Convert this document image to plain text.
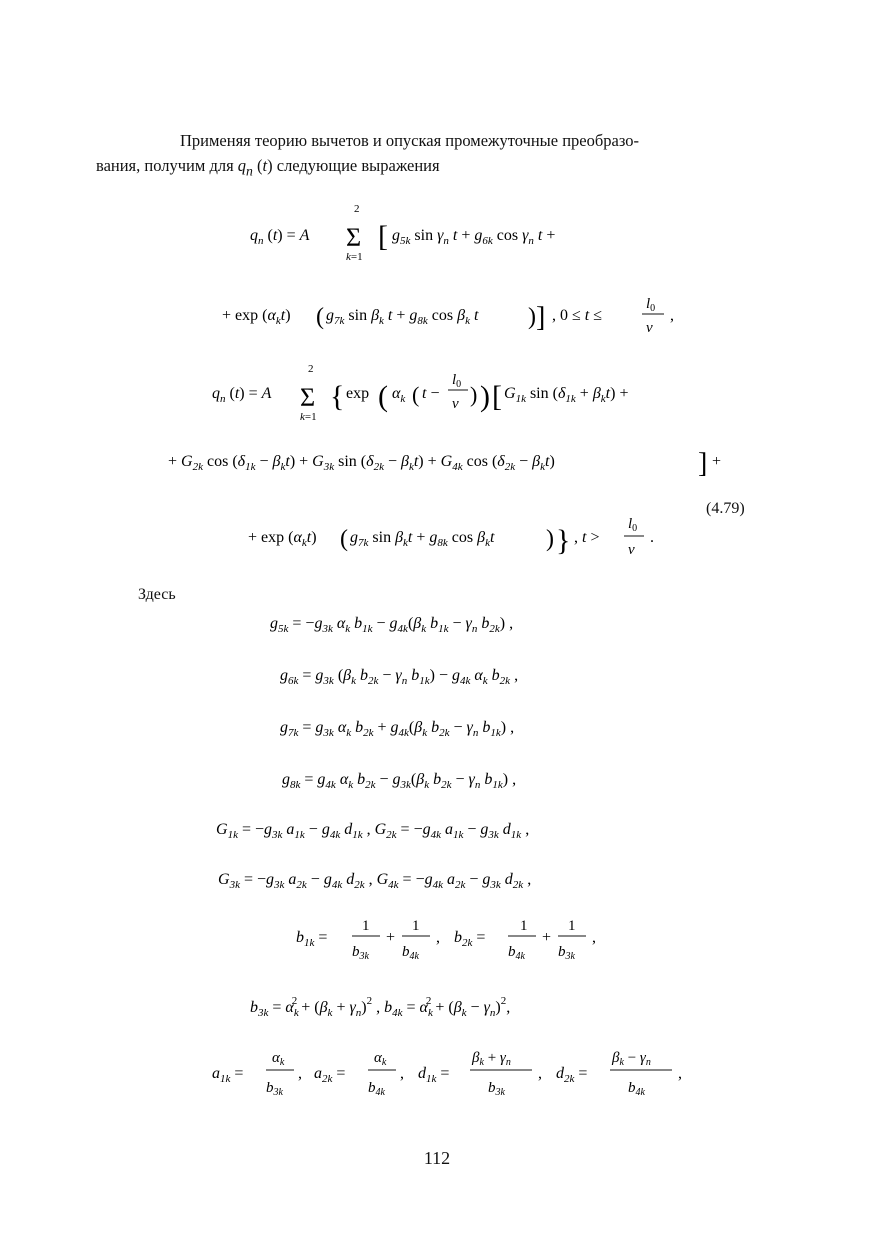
Применяя теорию вычетов и опуская промежуточные преобразо-
вания, получим для $q_n$ (t) следующие выражения
$q_n$ (t) = A
2
Σ
k=1
[ $g_{5k}$ $\sin \gamma_n$ $t + g_{6k}$ $\cos \gamma_n$ t +
+ $\exp (\alpha_kt)$ ( $g_{7k}$ $\sin \beta_k$ $t + g_{8k}$ $\cos \beta_k$ t ) ] , 0 ≤ t ≤
$l_0$
ν
,
$q_n$ (t) = A
2
Σ
k=1
{ exp ( $\alpha_k$ ( t −
$l_0$
ν ) ) [ $G_{1k}$ $\sin (\delta_{1k} + \beta_kt)$ +
+ $G_{2k}$ $\cos (\delta_{1k} - \beta_kt) + G_{3k}$ $\sin (\delta_{2k} - \beta_kt) + G_{4k}$ $\cos (\delta_{2k} - \beta_kt)$	] +
(4.79)
+ $\exp (\alpha_kt)$ ( $g_{7k}$ $\sin \beta_kt + g_{8k}$ $\cos \beta_kt$ ) } , t >
$l_0$
ν
.
Здесь
$g_{5k} = -g_{3k}$ $\alpha_k$ $b_{1k} - g_{4k}(\beta_k$ $b_{1k} - \gamma_n$ $b_{2k}$) ,
$g_{6k} = g_{3k}$ ($\beta_k$ $b_{2k} - \gamma_n$ $b_{1k}) - g_{4k}$ $\alpha_k$ $b_{2k}$ ,
$g_{7k} = g_{3k}$ $\alpha_k$ $b_{2k} + g_{4k}(\beta_k$ $b_{2k} - \gamma_n$ $b_{1k}$) ,
$g_{8k} = g_{4k}$ $\alpha_k$ $b_{2k} - g_{3k}(\beta_k$ $b_{2k} - \gamma_n$ $b_{1k}$) ,
$G_{1k} = -g_{3k}$ $a_{1k} - g_{4k}$ $d_{1k}$ , $G_{2k} = -g_{4k}$ $a_{1k} - g_{3k}$ $d_{1k}$ ,
$G_{3k} = -g_{3k}$ $a_{2k} - g_{4k}$ $d_{2k}$ , $G_{4k} = -g_{4k}$ $a_{2k} - g_{3k}$ $d_{2k}$ ,
$b_{1k}$ =
1
$b_{3k}$
+
1
$b_{4k}$
, $b_{2k}$ =
1
$b_{4k}$
+
1
$b_{3k}$
,
$b_{3k} = \alpha_k2 + (\beta_k + \gamma_n)^2$ , $b_{4k} = \alpha_k2 + (\beta_k - \gamma_n)^2$,
$a_{1k}$ =
$\alpha_k$
$b_{3k}$
, $a_{2k}$ =
$\alpha_k$
$b_{4k}$
, $d_{1k}$ =
$\beta_k + \gamma_n$
$b_{3k}$
, $d_{2k}$ =
$\beta_k - \gamma_n$
$b_{4k}$
,
112
